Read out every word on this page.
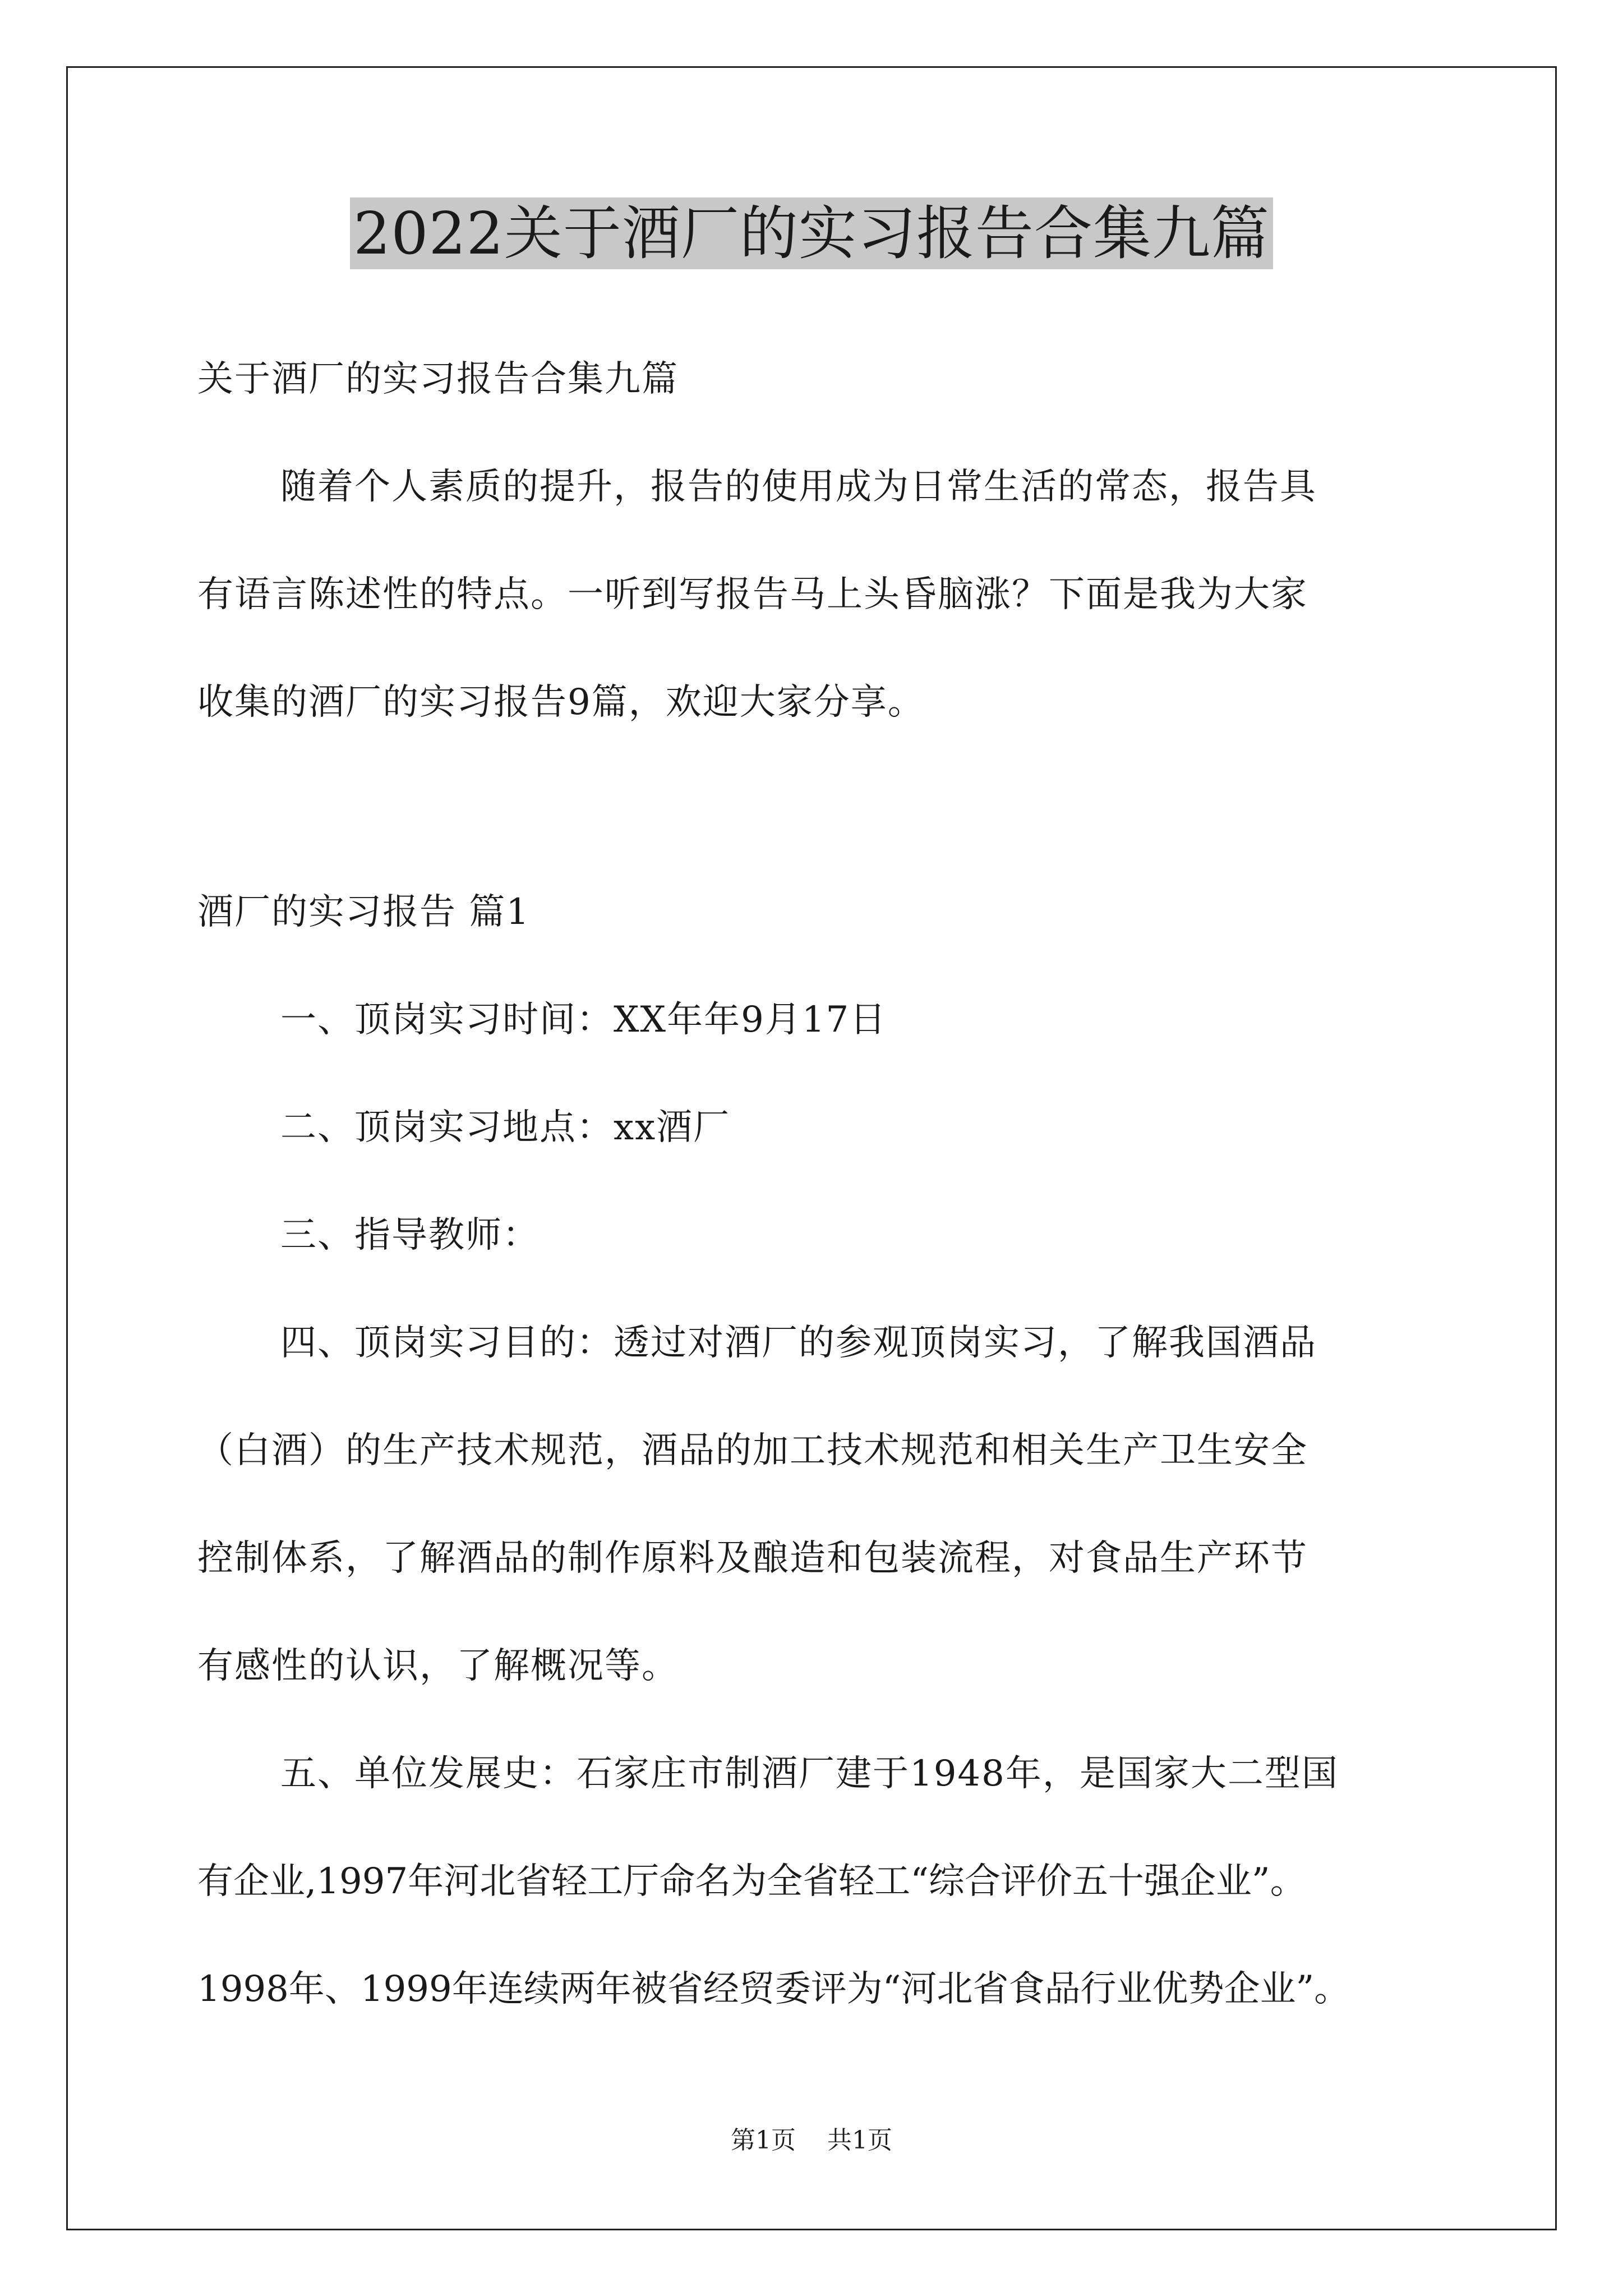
2022关于酒厂的实习报告合集九篇

关于酒厂的实习报告合集九篇

随着个人素质的提升，报告的使用成为日常生活的常态，报告具

有语言陈述性的特点。一听到写报告马上头昏脑涨？下面是我为大家

收集的酒厂的实习报告9篇，欢迎大家分享。

酒厂的实习报告 篇1

一、顶岗实习时间：XX年年9月17日

二、顶岗实习地点：xx酒厂

三、指导教师：

四、顶岗实习目的：透过对酒厂的参观顶岗实习，了解我国酒品

（白酒）的生产技术规范，酒品的加工技术规范和相关生产卫生安全

控制体系，了解酒品的制作原料及酿造和包装流程，对食品生产环节

有感性的认识，了解概况等。

五、单位发展史：石家庄市制酒厂建于1948年，是国家大二型国

有企业,1997年河北省轻工厅命名为全省轻工“综合评价五十强企业”。

1998年、1999年连续两年被省经贸委评为“河北省食品行业优势企业”。

第1页    共1页
